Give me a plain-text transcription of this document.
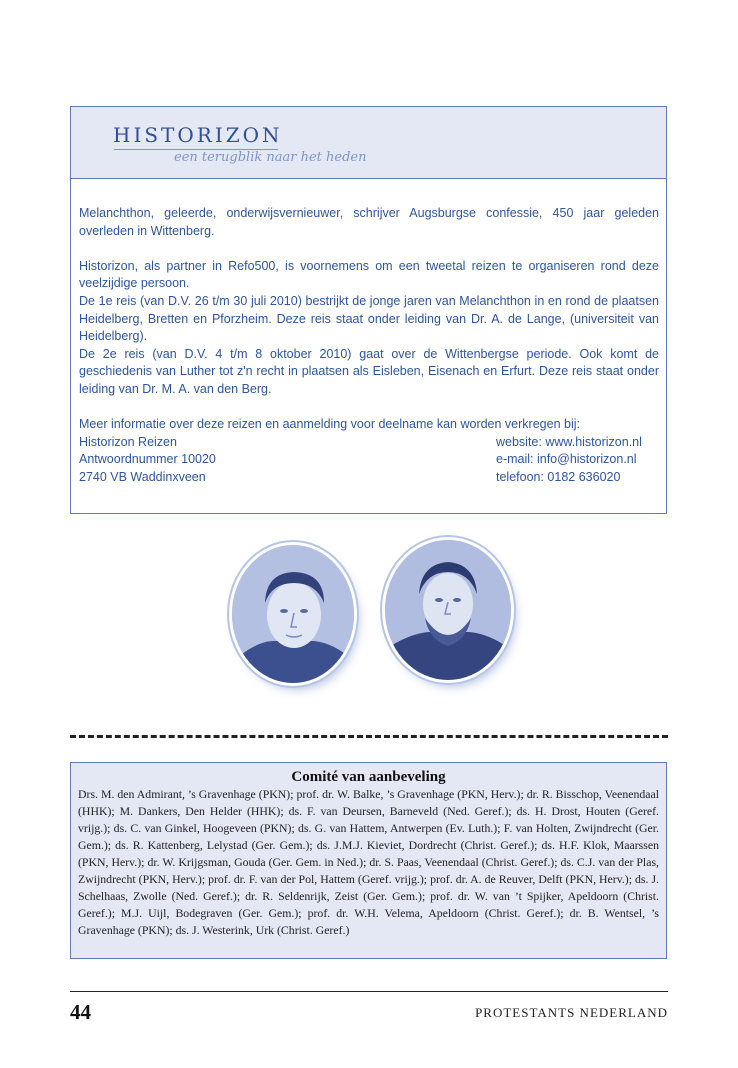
HISTORIZON
een terugblik naar het heden

Melanchthon, geleerde, onderwijsvernieuwer, schrijver Augsburgse confessie, 450 jaar geleden overleden in Wittenberg.

Historizon, als partner in Refo500, is voornemens om een tweetal reizen te organiseren rond deze veelzijdige persoon.

De 1e reis (van D.V. 26 t/m 30 juli 2010) bestrijkt de jonge jaren van Melanchthon in en rond de plaatsen Heidelberg, Bretten en Pforzheim. Deze reis staat onder leiding van Dr. A. de Lange, (universiteit van Heidelberg).

De 2e reis (van D.V. 4 t/m 8 oktober 2010) gaat over de Wittenbergse periode. Ook komt de geschiedenis van Luther tot z'n recht in plaatsen als Eisleben, Eisenach en Erfurt. Deze reis staat onder leiding van Dr. M. A. van den Berg.

Meer informatie over deze reizen en aanmelding voor deelname kan worden verkregen bij:

Historizon Reizen	website: www.historizon.nl
Antwoordnummer 10020	e-mail: info@historizon.nl
2740 VB Waddinxveen	telefoon: 0182 636020
Comité van aanbeveling
Drs. M. den Admirant, ’s Gravenhage (PKN); prof. dr. W. Balke, ’s Gravenhage (PKN, Herv.); dr. R. Bisschop, Veenendaal (HHK); M. Dankers, Den Helder (HHK); ds. F. van Deursen, Barneveld (Ned. Geref.); ds. H. Drost, Houten (Geref. vrijg.); ds. C. van Ginkel, Hoogeveen (PKN); ds. G. van Hattem, Antwerpen (Ev. Luth.); F. van Holten, Zwijndrecht (Ger. Gem.); ds. R. Kattenberg, Lelystad (Ger. Gem.); ds. J.M.J. Kieviet, Dordrecht (Christ. Geref.); ds. H.F. Klok, Maarssen (PKN, Herv.); dr. W. Krijgsman, Gouda (Ger. Gem. in Ned.); dr. S. Paas, Veenendaal (Christ. Geref.); ds. C.J. van der Plas, Zwijndrecht (PKN, Herv.); prof. dr. F. van der Pol, Hattem (Geref. vrijg.); prof. dr. A. de Reuver, Delft (PKN, Herv.); ds. J. Schelhaas, Zwolle (Ned. Geref.); dr. R. Seldenrijk, Zeist (Ger. Gem.); prof. dr. W. van ’t Spijker, Apeldoorn (Christ. Geref.); M.J. Uijl, Bodegraven (Ger. Gem.); prof. dr. W.H. Velema, Apeldoorn (Christ. Geref.); dr. B. Wentsel, ’s Gravenhage (PKN); ds. J. Westerink, Urk (Christ. Geref.)
44	PROTESTANTS NEDERLAND
